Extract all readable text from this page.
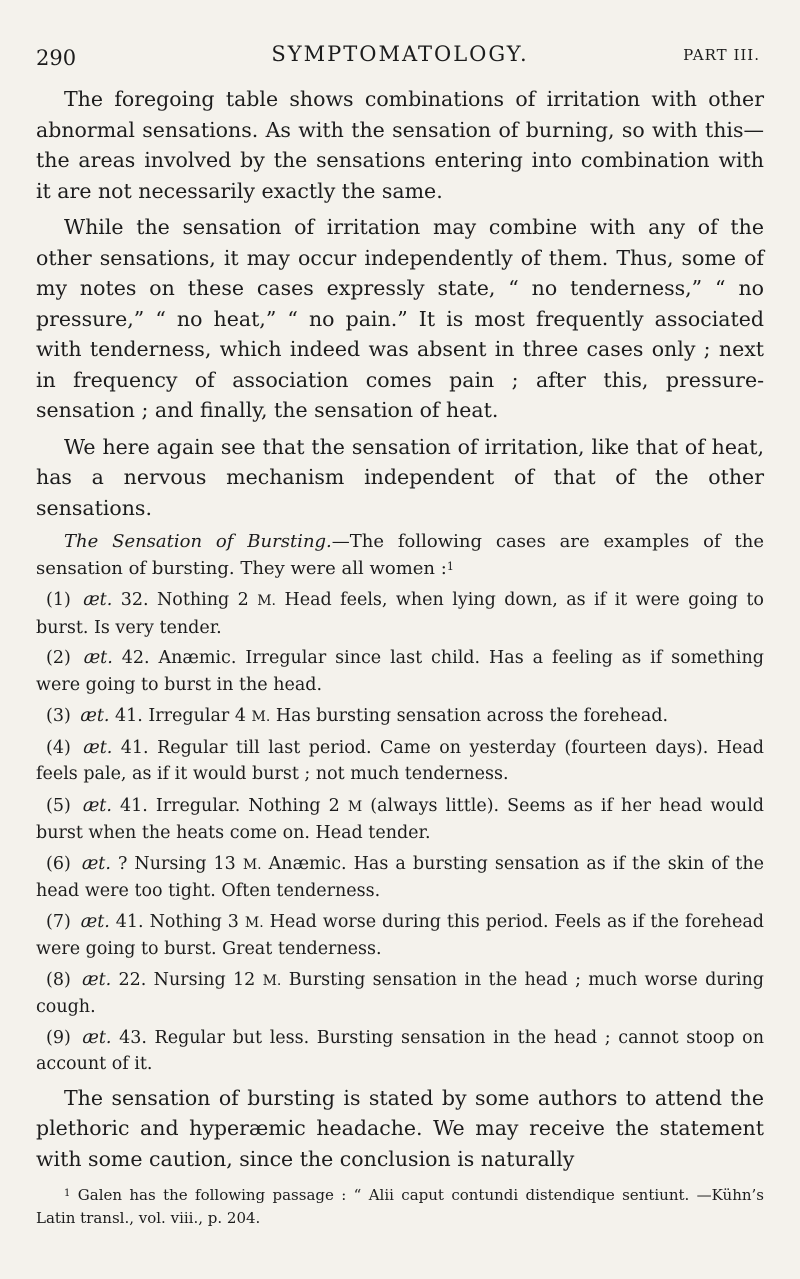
290	SYMPTOMATOLOGY.	PART III.

The foregoing table shows combinations of irritation with other abnormal sensations. As with the sensation of burning, so with this—the areas involved by the sensations entering into combination with it are not necessarily exactly the same.

While the sensation of irritation may combine with any of the other sensations, it may occur independently of them. Thus, some of my notes on these cases expressly state, “ no tenderness,” “ no pressure,” “ no heat,” “ no pain.” It is most frequently associated with tenderness, which indeed was absent in three cases only ; next in frequency of association comes pain ; after this, pressure-sensation ; and finally, the sensation of heat.

We here again see that the sensation of irritation, like that of heat, has a nervous mechanism independent of that of the other sensations.

The Sensation of Bursting.—The following cases are examples of the sensation of bursting. They were all women :$^1$

(1) æt. 32. Nothing 2 M. Head feels, when lying down, as if it were going to burst. Is very tender.

(2) æt. 42. Anæmic. Irregular since last child. Has a feeling as if something were going to burst in the head.

(3) æt. 41. Irregular 4 M. Has bursting sensation across the forehead.

(4) æt. 41. Regular till last period. Came on yesterday (fourteen days). Head feels pale, as if it would burst ; not much tenderness.

(5) æt. 41. Irregular. Nothing 2 M (always little). Seems as if her head would burst when the heats come on. Head tender.

(6) æt. ? Nursing 13 M. Anæmic. Has a bursting sensation as if the skin of the head were too tight. Often tenderness.

(7) æt. 41. Nothing 3 M. Head worse during this period. Feels as if the forehead were going to burst. Great tenderness.

(8) æt. 22. Nursing 12 M. Bursting sensation in the head ; much worse during cough.

(9) æt. 43. Regular but less. Bursting sensation in the head ; cannot stoop on account of it.

The sensation of bursting is stated by some authors to attend the plethoric and hyperæmic headache. We may receive the statement with some caution, since the conclusion is naturally

$^1$ Galen has the following passage : “ Alii caput contundi distendique sentiunt. —Kühn’s Latin transl., vol. viii., p. 204.
